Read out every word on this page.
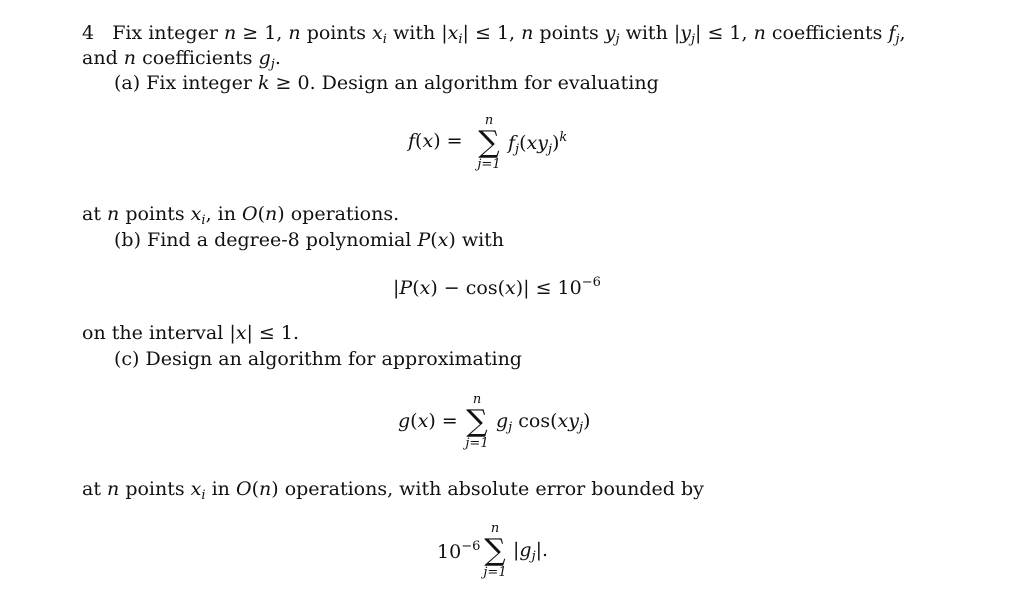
4 Fix integer n ≥ 1, n points $x_i$ with $|x_i| \le 1$, n points $y_j$ with $|y_j| \le 1$, n coefficients $f_j$,
and n coefficients $g_j$.
(a) Fix integer k ≥ 0. Design an algorithm for evaluating
f(x) =
n
∑
j=1
$f_j(xy_j)^k$
at n points $x_i$, in O(n) operations.
(b) Find a degree-8 polynomial P(x) with
$|P(x) - \cos(x)| \le 10^{-6}$
on the interval |x| ≤ 1.
(c) Design an algorithm for approximating
g(x) =
n
∑
j=1
$g_j$ $\cos(xy_j)$
at n points $x_i$ in O(n) operations, with absolute error bounded by
$10^{-6}$
n
∑
j=1
$|g_j|$.
